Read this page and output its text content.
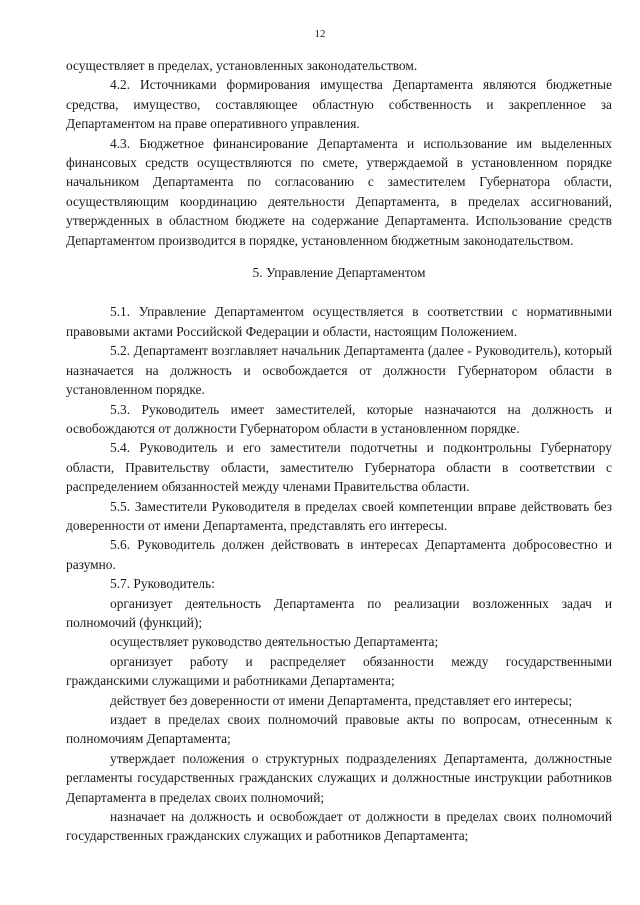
12

осуществляет в пределах, установленных законодательством.

4.2. Источниками формирования имущества Департамента являются бюджетные средства, имущество, составляющее областную собственность и закрепленное за Департаментом на праве оперативного управления.

4.3. Бюджетное финансирование Департамента и использование им выделенных финансовых средств осуществляются по смете, утверждаемой в установленном порядке начальником Департамента по согласованию с заместителем Губернатора области, осуществляющим координацию деятельности Департамента, в пределах ассигнований, утвержденных в областном бюджете на содержание Департамента. Использование средств Департаментом производится в порядке, установленном бюджетным законодательством.

5. Управление Департаментом

5.1. Управление Департаментом осуществляется в соответствии с нормативными правовыми актами Российской Федерации и области, настоящим Положением.

5.2. Департамент возглавляет начальник Департамента (далее - Руководитель), который назначается на должность и освобождается от должности Губернатором области в установленном порядке.

5.3. Руководитель имеет заместителей, которые назначаются на должность и освобождаются от должности Губернатором области в установленном порядке.

5.4. Руководитель и его заместители подотчетны и подконтрольны Губернатору области, Правительству области, заместителю Губернатора области в соответствии с распределением обязанностей между членами Правительства области.

5.5. Заместители Руководителя в пределах своей компетенции вправе действовать без доверенности от имени Департамента, представлять его интересы.

5.6. Руководитель должен действовать в интересах Департамента добросовестно и разумно.

5.7. Руководитель:

организует деятельность Департамента по реализации возложенных задач и полномочий (функций);

осуществляет руководство деятельностью Департамента;

организует работу и распределяет обязанности между государственными гражданскими служащими и работниками Департамента;

действует без доверенности от имени Департамента, представляет его интересы;

издает в пределах своих полномочий правовые акты по вопросам, отнесенным к полномочиям Департамента;

утверждает положения о структурных подразделениях Департамента, должностные регламенты государственных гражданских служащих и должностные инструкции работников Департамента в пределах своих полномочий;

назначает на должность и освобождает от должности в пределах своих полномочий государственных гражданских служащих и работников Департамента;
